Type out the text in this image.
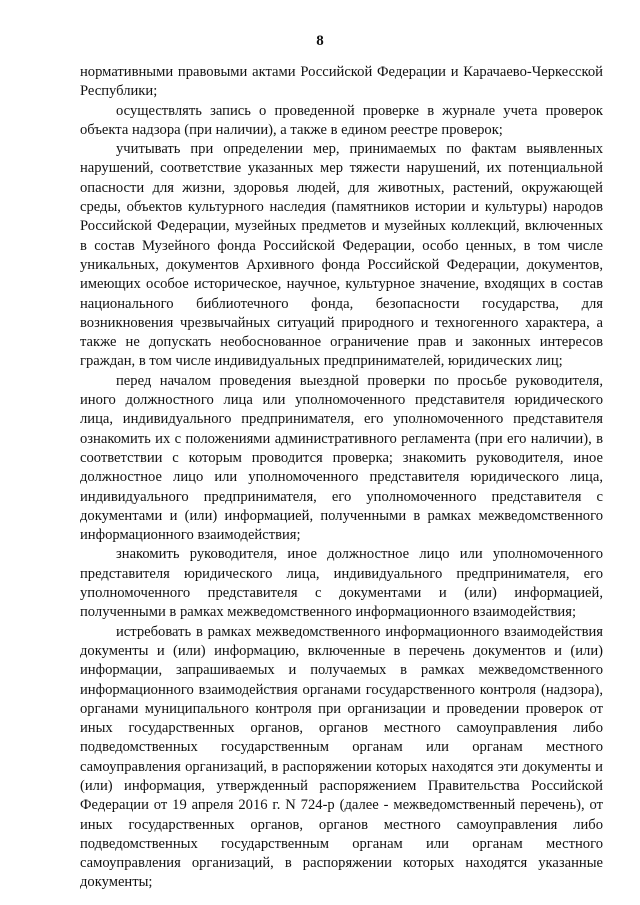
8

нормативными правовыми актами Российской Федерации и Карачаево-Черкесской Республики;

осуществлять запись о проведенной проверке в журнале учета проверок объекта надзора (при наличии), а также в едином реестре проверок;

учитывать при определении мер, принимаемых по фактам выявленных нарушений, соответствие указанных мер тяжести нарушений, их потенциальной опасности для жизни, здоровья людей, для животных, растений, окружающей среды, объектов культурного наследия (памятников истории и культуры) народов Российской Федерации, музейных предметов и музейных коллекций, включенных в состав Музейного фонда Российской Федерации, особо ценных, в том числе уникальных, документов Архивного фонда Российской Федерации, документов, имеющих особое историческое, научное, культурное значение, входящих в состав национального библиотечного фонда, безопасности государства, для возникновения чрезвычайных ситуаций природного и техногенного характера, а также не допускать необоснованное ограничение прав и законных интересов граждан, в том числе индивидуальных предпринимателей, юридических лиц;

перед началом проведения выездной проверки по просьбе руководителя, иного должностного лица или уполномоченного представителя юридического лица, индивидуального предпринимателя, его уполномоченного представителя ознакомить их с положениями административного регламента (при его наличии), в соответствии с которым проводится проверка; знакомить руководителя, иное должностное лицо или уполномоченного представителя юридического лица, индивидуального предпринимателя, его уполномоченного представителя с документами и (или) информацией, полученными в рамках межведомственного информационного взаимодействия;

знакомить руководителя, иное должностное лицо или уполномоченного представителя юридического лица, индивидуального предпринимателя, его уполномоченного представителя с документами и (или) информацией, полученными в рамках межведомственного информационного взаимодействия;

истребовать в рамках межведомственного информационного взаимодействия документы и (или) информацию, включенные в перечень документов и (или) информации, запрашиваемых и получаемых в рамках межведомственного информационного взаимодействия органами государственного контроля (надзора), органами муниципального контроля при организации и проведении проверок от иных государственных органов, органов местного самоуправления либо подведомственных государственным органам или органам местного самоуправления организаций, в распоряжении которых находятся эти документы и (или) информация, утвержденный распоряжением Правительства Российской Федерации от 19 апреля 2016 г. N 724-р (далее - межведомственный перечень), от иных государственных органов, органов местного самоуправления либо подведомственных государственным органам или органам местного самоуправления организаций, в распоряжении которых находятся указанные документы;
